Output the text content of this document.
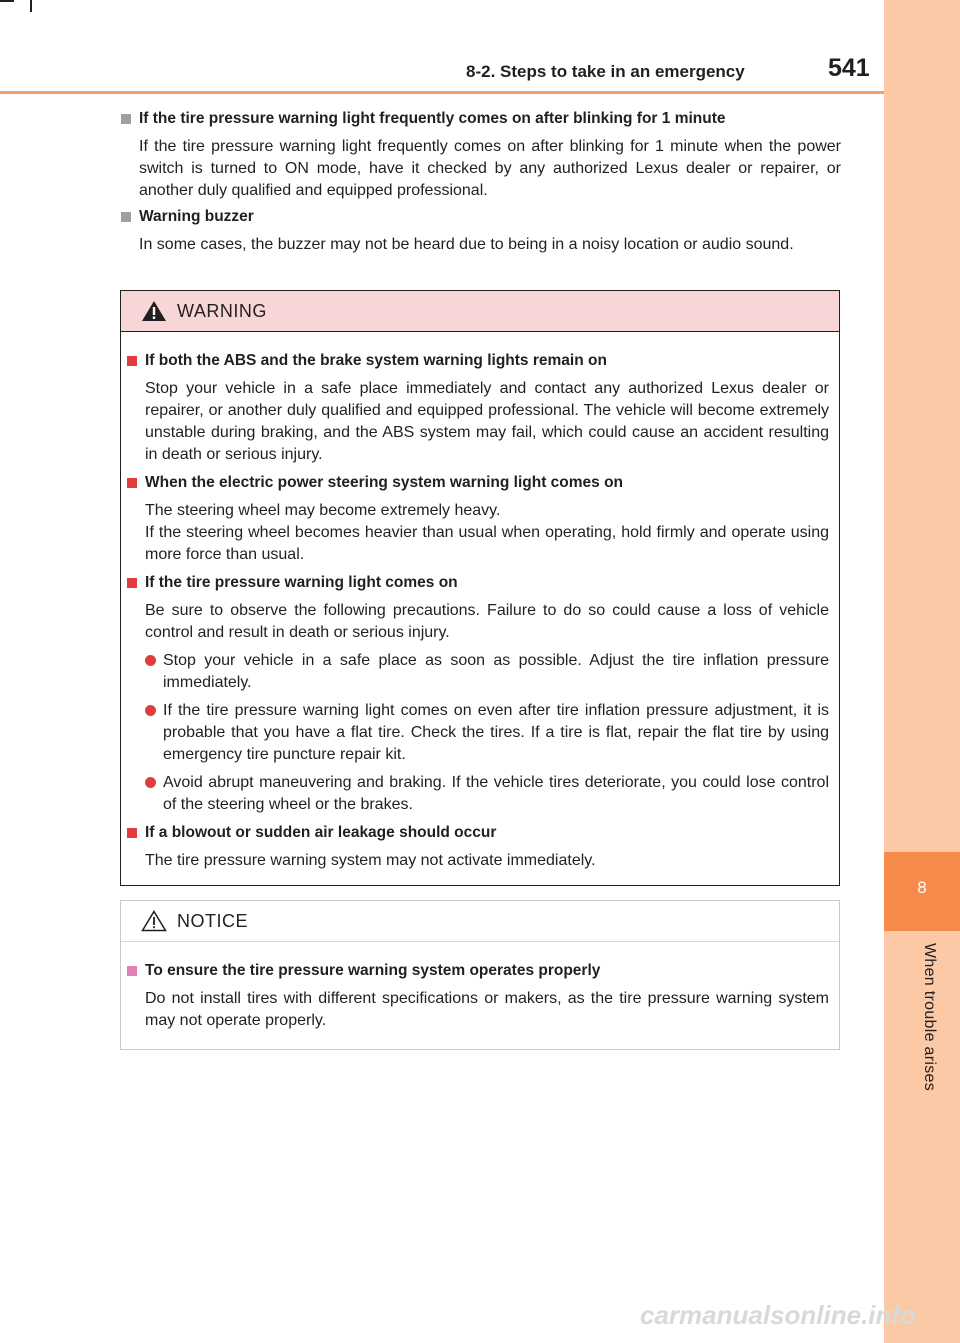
8
When trouble arises
8-2. Steps to take in an emergency	541
If the tire pressure warning light frequently comes on after blinking for 1 minute
If the tire pressure warning light frequently comes on after blinking for 1 minute when the power switch is turned to ON mode, have it checked by any authorized Lexus dealer or repairer, or another duly qualified and equipped professional.
Warning buzzer
In some cases, the buzzer may not be heard due to being in a noisy location or audio sound.
WARNING
If both the ABS and the brake system warning lights remain on
Stop your vehicle in a safe place immediately and contact any authorized Lexus dealer or repairer, or another duly qualified and equipped professional. The vehicle will become extremely unstable during braking, and the ABS system may fail, which could cause an accident resulting in death or serious injury.
When the electric power steering system warning light comes on
The steering wheel may become extremely heavy.
If the steering wheel becomes heavier than usual when operating, hold firmly and operate using more force than usual.
If the tire pressure warning light comes on
Be sure to observe the following precautions. Failure to do so could cause a loss of vehicle control and result in death or serious injury.
Stop your vehicle in a safe place as soon as possible. Adjust the tire inflation pressure immediately.
If the tire pressure warning light comes on even after tire inflation pressure adjustment, it is probable that you have a flat tire. Check the tires. If a tire is flat, repair the flat tire by using emergency tire puncture repair kit.
Avoid abrupt maneuvering and braking. If the vehicle tires deteriorate, you could lose control of the steering wheel or the brakes.
If a blowout or sudden air leakage should occur
The tire pressure warning system may not activate immediately.
NOTICE
To ensure the tire pressure warning system operates properly
Do not install tires with different specifications or makers, as the tire pressure warning system may not operate properly.
carmanualsonline.info
